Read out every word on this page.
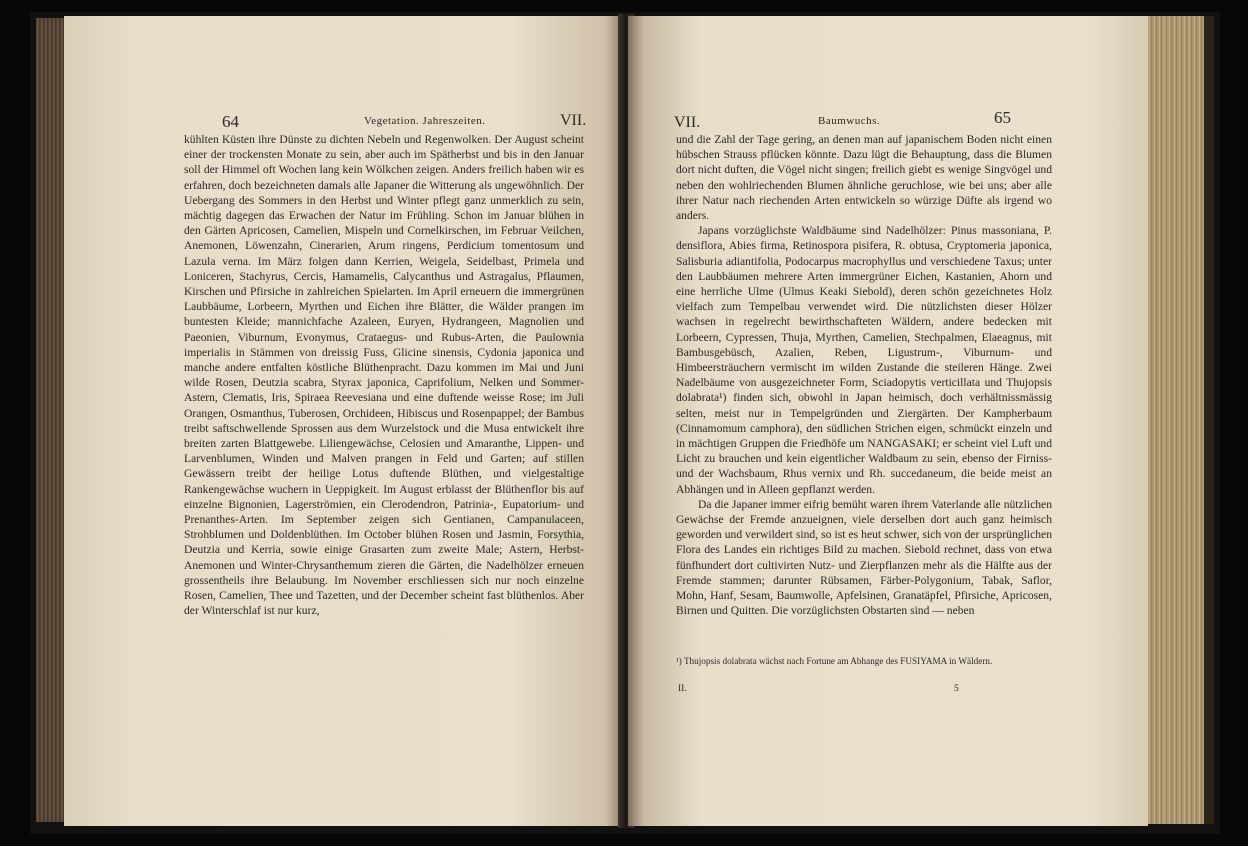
64	Vegetation. Jahreszeiten.	VII.

kühlten Küsten ihre Dünste zu dichten Nebeln und Regenwolken. Der August scheint einer der trockensten Monate zu sein, aber auch im Spätherbst und bis in den Januar soll der Himmel oft Wochen lang kein Wölkchen zeigen. Anders freilich haben wir es erfahren, doch bezeichneten damals alle Japaner die Witterung als ungewöhnlich. Der Uebergang des Sommers in den Herbst und Winter pflegt ganz unmerklich zu sein, mächtig dagegen das Erwachen der Natur im Frühling. Schon im Januar blühen in den Gärten Apricosen, Camelien, Mispeln und Cornelkirschen, im Februar Veilchen, Anemonen, Löwenzahn, Cinerarien, Arum ringens, Perdicium tomentosum und Lazula verna. Im März folgen dann Kerrien, Weigela, Seidelbast, Primela und Loniceren, Stachyrus, Cercis, Hamamelis, Calycanthus und Astragalus, Pflaumen, Kirschen und Pfirsiche in zahlreichen Spielarten. Im April erneuern die immergrünen Laubbäume, Lorbeern, Myrthen und Eichen ihre Blätter, die Wälder prangen im buntesten Kleide; mannichfache Azaleen, Euryen, Hydrangeen, Magnolien und Paeonien, Viburnum, Evonymus, Crataegus- und Rubus-Arten, die Paulownia imperialis in Stämmen von dreissig Fuss, Glicine sinensis, Cydonia japonica und manche andere entfalten köstliche Blüthenpracht. Dazu kommen im Mai und Juni wilde Rosen, Deutzia scabra, Styrax japonica, Caprifolium, Nelken und Sommer-Astern, Clematis, Iris, Spiraea Reevesiana und eine duftende weisse Rose; im Juli Orangen, Osmanthus, Tuberosen, Orchideen, Hibiscus und Rosenpappel; der Bambus treibt saftschwellende Sprossen aus dem Wurzelstock und die Musa entwickelt ihre breiten zarten Blattgewebe. Liliengewächse, Celosien und Amaranthe, Lippen- und Larvenblumen, Winden und Malven prangen in Feld und Garten; auf stillen Gewässern treibt der heilige Lotus duftende Blüthen, und vielgestaltige Rankengewächse wuchern in Ueppigkeit. Im August erblasst der Blüthenflor bis auf einzelne Bignonien, Lagerströmien, ein Clerodendron, Patrinia-, Eupatorium- und Prenanthes-Arten. Im September zeigen sich Gentianen, Campanulaceen, Strohblumen und Doldenblüthen. Im October blühen Rosen und Jasmin, Forsythia, Deutzia und Kerria, sowie einige Grasarten zum zweite Male; Astern, Herbst-Anemonen und Winter-Chrysanthemum zieren die Gärten, die Nadelhölzer erneuen grossentheils ihre Belaubung. Im November erschliessen sich nur noch einzelne Rosen, Camelien, Thee und Tazetten, und der December scheint fast blüthenlos. Aber der Winterschlaf ist nur kurz,

VII.	Baumwuchs.	65

und die Zahl der Tage gering, an denen man auf japanischem Boden nicht einen hübschen Strauss pflücken könnte. Dazu lügt die Behauptung, dass die Blumen dort nicht duften, die Vögel nicht singen; freilich giebt es wenige Singvögel und neben den wohlriechenden Blumen ähnliche geruchlose, wie bei uns; aber alle ihrer Natur nach riechenden Arten entwickeln so würzige Düfte als irgend wo anders.

Japans vorzüglichste Waldbäume sind Nadelhölzer: Pinus massoniana, P. densiflora, Abies firma, Retinospora pisifera, R. obtusa, Cryptomeria japonica, Salisburia adiantifolia, Podocarpus macrophyllus und verschiedene Taxus; unter den Laubbäumen mehrere Arten immergrüner Eichen, Kastanien, Ahorn und eine herrliche Ulme (Ulmus Keaki Siebold), deren schön gezeichnetes Holz vielfach zum Tempelbau verwendet wird. Die nützlichsten dieser Hölzer wachsen in regelrecht bewirthschafteten Wäldern, andere bedecken mit Lorbeern, Cypressen, Thuja, Myrthen, Camelien, Stechpalmen, Elaeagnus, mit Bambusgebüsch, Azalien, Reben, Ligustrum-, Viburnum- und Himbeersträuchern vermischt im wilden Zustande die steileren Hänge. Zwei Nadelbäume von ausgezeichneter Form, Sciadopytis verticillata und Thujopsis dolabrata¹) finden sich, obwohl in Japan heimisch, doch verhältnissmässig selten, meist nur in Tempelgründen und Ziergärten. Der Kampherbaum (Cinnamomum camphora), den südlichen Strichen eigen, schmückt einzeln und in mächtigen Gruppen die Friedhöfe um NANGASAKI; er scheint viel Luft und Licht zu brauchen und kein eigentlicher Waldbaum zu sein, ebenso der Firniss- und der Wachsbaum, Rhus vernix und Rh. succedaneum, die beide meist an Abhängen und in Alleen gepflanzt werden.

Da die Japaner immer eifrig bemüht waren ihrem Vaterlande alle nützlichen Gewächse der Fremde anzueignen, viele derselben dort auch ganz heimisch geworden und verwildert sind, so ist es heut schwer, sich von der ursprünglichen Flora des Landes ein richtiges Bild zu machen. Siebold rechnet, dass von etwa fünfhundert dort cultivirten Nutz- und Zierpflanzen mehr als die Hälfte aus der Fremde stammen; darunter Rübsamen, Färber-Polygonium, Tabak, Saflor, Mohn, Hanf, Sesam, Baumwolle, Apfelsinen, Granatäpfel, Pfirsiche, Apricosen, Birnen und Quitten. Die vorzüglichsten Obstarten sind — neben

¹) Thujopsis dolabrata wächst nach Fortune am Abhange des FUSIYAMA in Wäldern.
II.	5
